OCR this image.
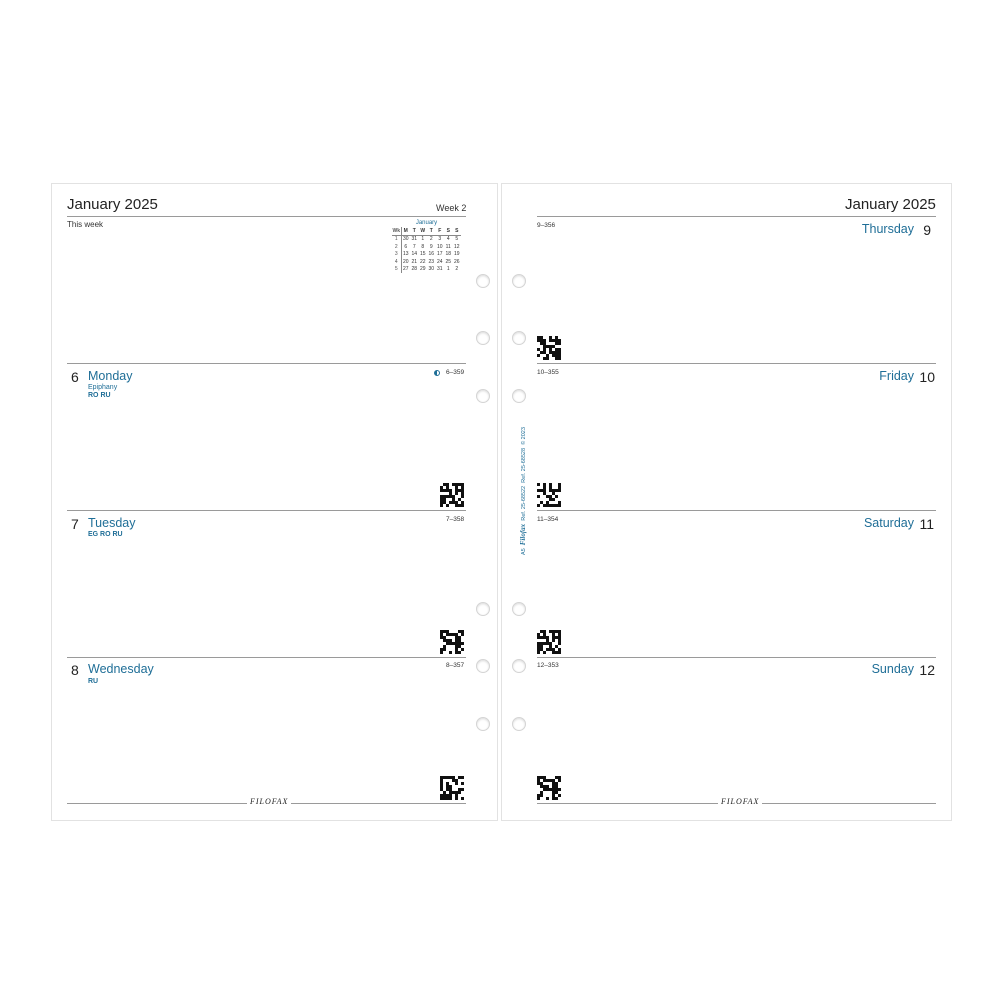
January 2025	Week 2
This week	January
Wk	M	T	W	T	F	S	S
1	30	31	1	2	3	4	5
2	6	7	8	9	10	11	12
3	13	14	15	16	17	18	19
4	20	21	22	23	24	25	26
5	27	28	29	30	31	1	2
6 Monday
Epiphany
RO RU
6–359
7 Tuesday
EG RO RU
7–358
8 Wednesday
RU
8–357
FILOFAX
January 2025
9–356	Thursday 9
10–355	Friday 10
11–354	Saturday 11
12–353	Sunday 12
FILOFAX
A5  Filofax  Ref. 25-68522  Ref. 25-68528  © 2023
